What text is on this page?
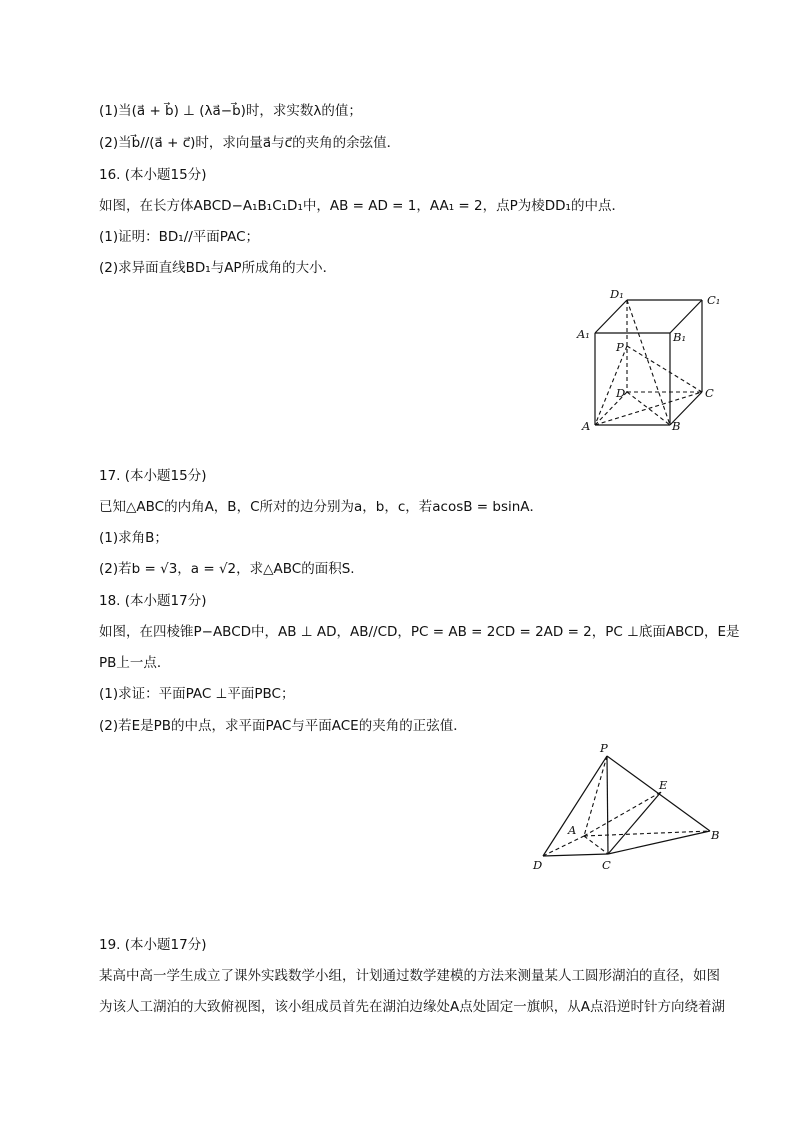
(1)当(a⃗ + b⃗) ⊥ (λa⃗−b⃗)时，求实数λ的值；
(2)当b⃗//(a⃗ + c⃗)时，求向量a⃗与c⃗的夹角的余弦值．
16. (本小题15分)
如图，在长方体ABCD−A₁B₁C₁D₁中，AB = AD = 1，AA₁ = 2，点P为棱DD₁的中点．
(1)证明：BD₁//平面PAC；
(2)求异面直线BD₁与AP所成角的大小．
D₁	C₁
A₁	B₁
P
D	C
A	B
17. (本小题15分)
已知△ABC的内角A，B，C所对的边分别为a，b，c，若acosB = bsinA．
(1)求角B；
(2)若b = √3，a = √2，求△ABC的面积S.
18. (本小题17分)
如图，在四棱锥P−ABCD中，AB ⊥ AD，AB//CD，PC = AB = 2CD = 2AD = 2，PC ⊥底面ABCD，E是
PB上一点．
(1)求证：平面PAC ⊥平面PBC；
(2)若E是PB的中点，求平面PAC与平面ACE的夹角的正弦值．
P
E
A	B
D	C
19. (本小题17分)
某高中高一学生成立了课外实践数学小组，计划通过数学建模的方法来测量某人工圆形湖泊的直径，如图
为该人工湖泊的大致俯视图，该小组成员首先在湖泊边缘处A点处固定一旗帜，从A点沿逆时针方向绕着湖
